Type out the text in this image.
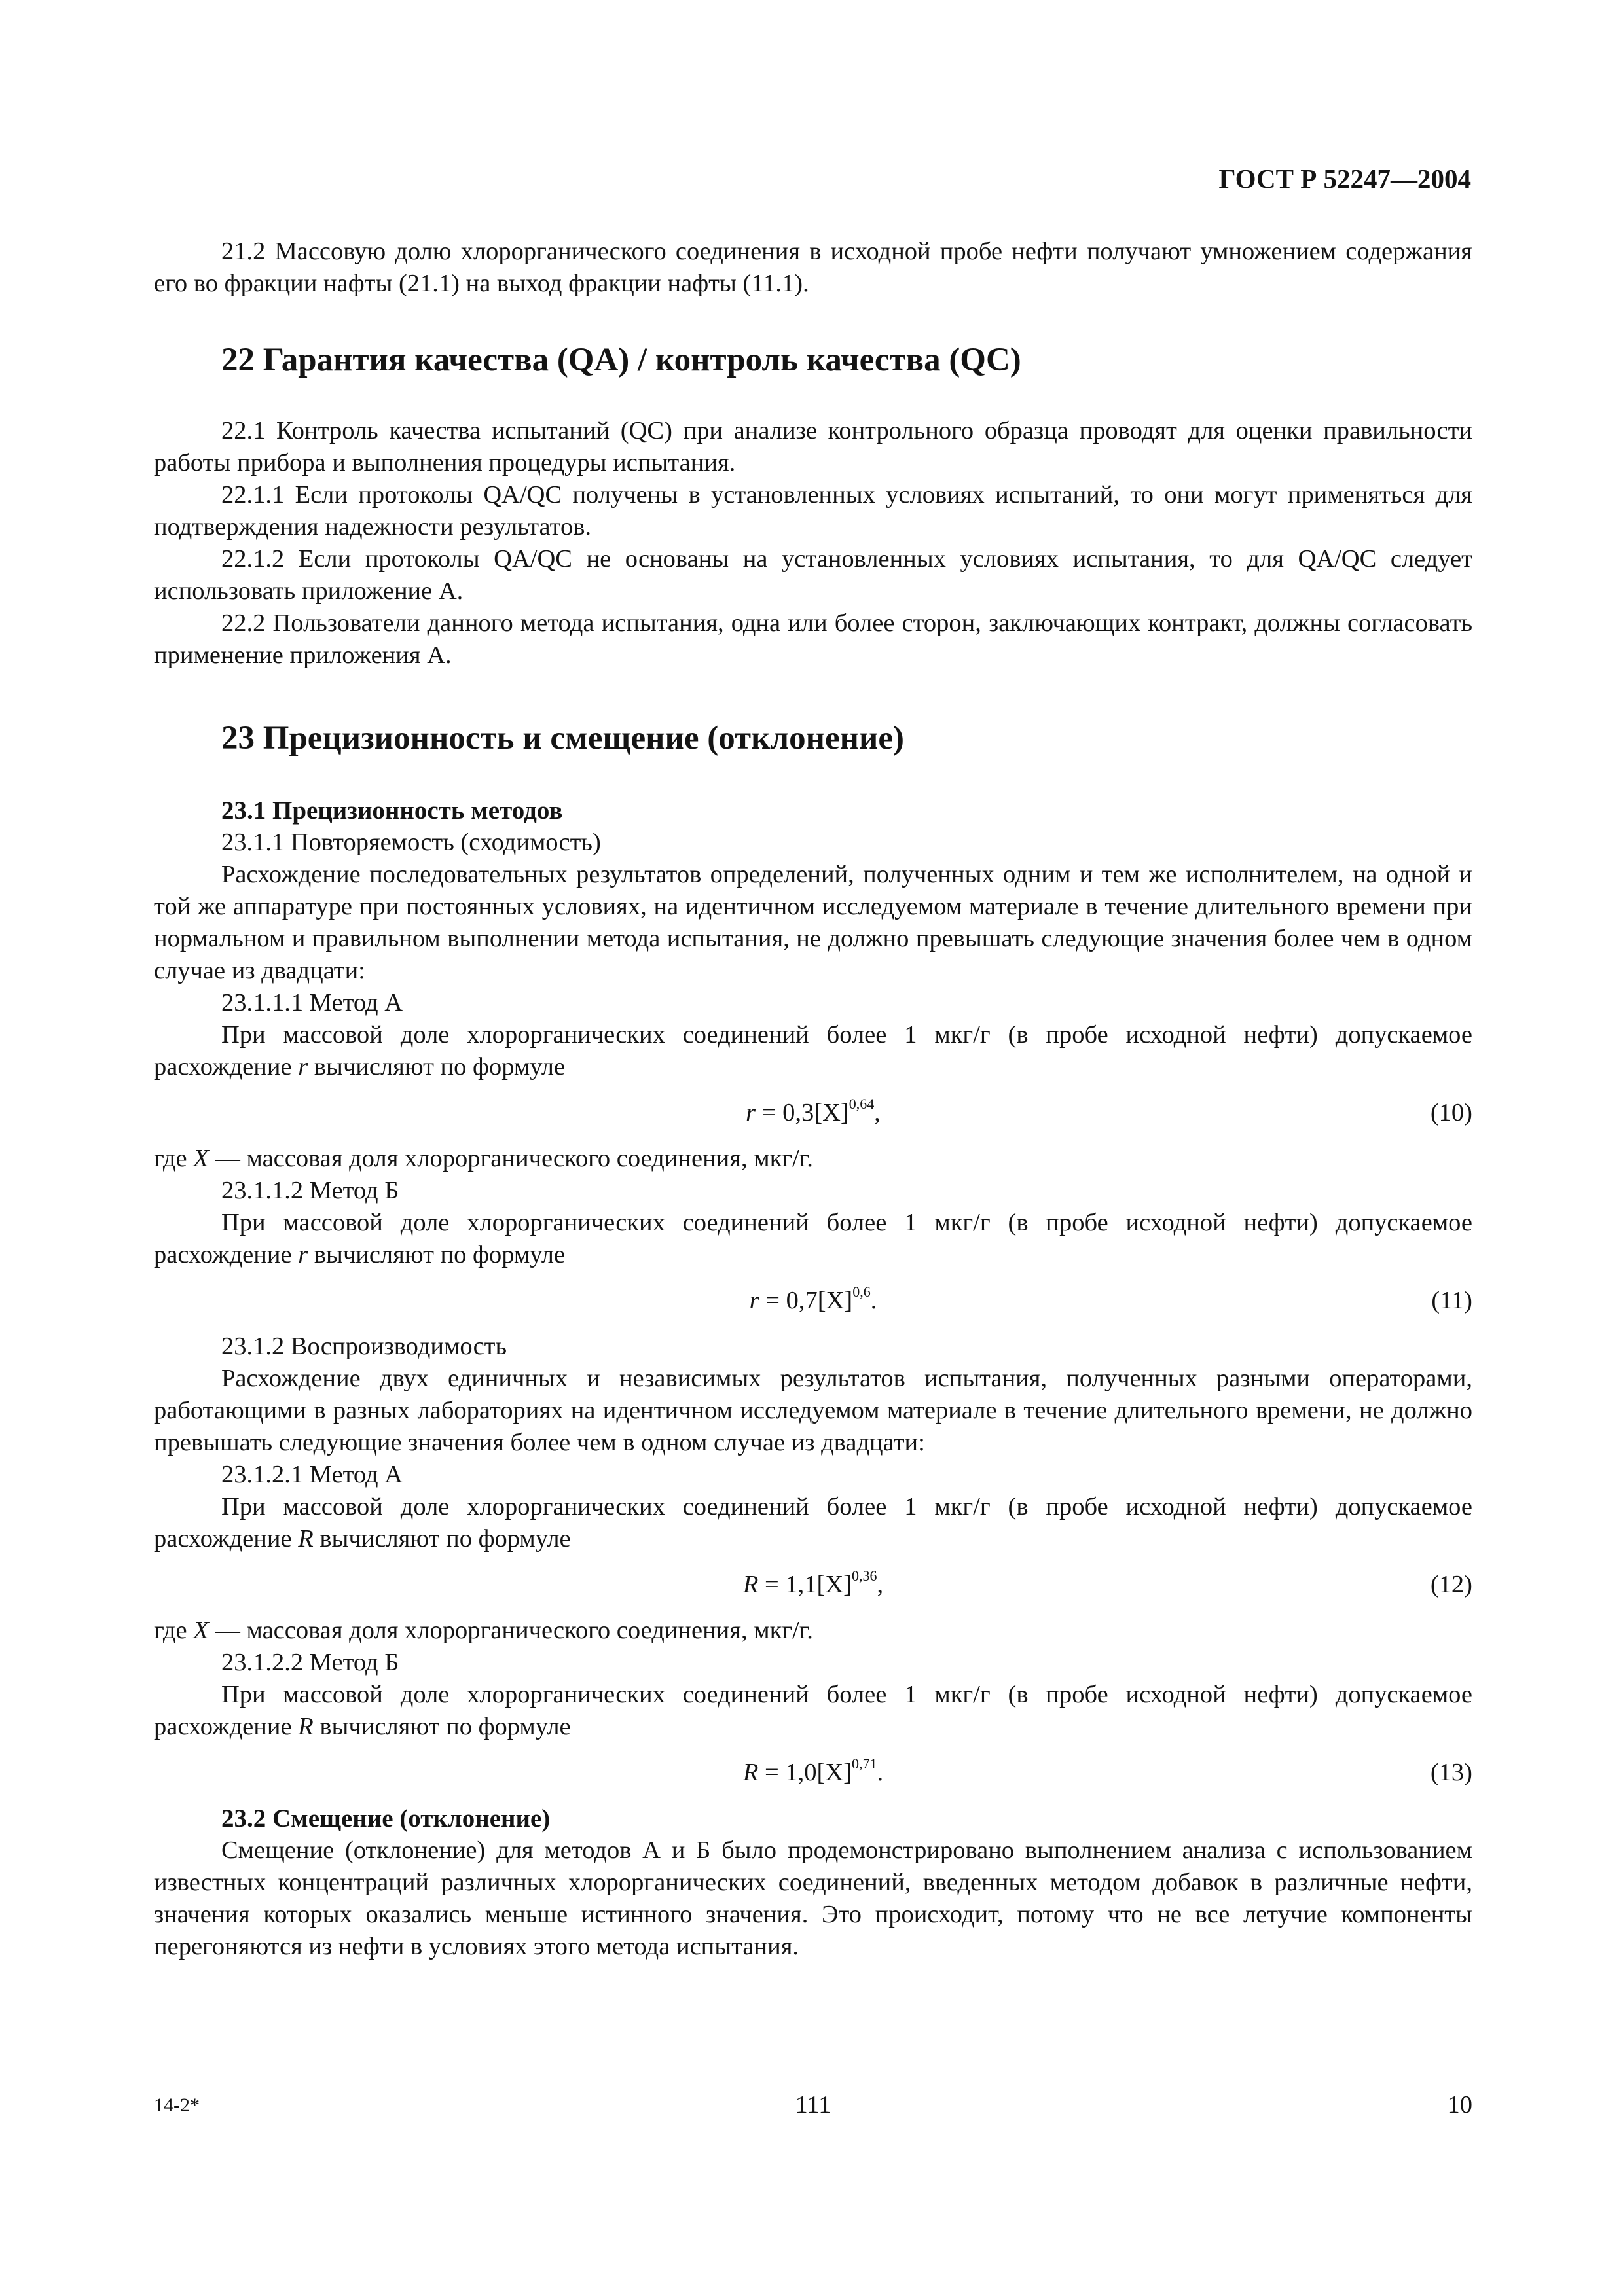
ГОСТ Р 52247—2004

21.2 Массовую долю хлорорганического соединения в исходной пробе нефти получают умножением содержания его во фракции нафты (21.1) на выход фракции нафты (11.1).

22 Гарантия качества (QA) / контроль качества (QC)

22.1 Контроль качества испытаний (QC) при анализе контрольного образца проводят для оценки правильности работы прибора и выполнения процедуры испытания.

22.1.1 Если протоколы QA/QC получены в установленных условиях испытаний, то они могут применяться для подтверждения надежности результатов.

22.1.2 Если протоколы QA/QC не основаны на установленных условиях испытания, то для QA/QC следует использовать приложение А.

22.2 Пользователи данного метода испытания, одна или более сторон, заключающих контракт, должны согласовать применение приложения А.

23 Прецизионность и смещение (отклонение)

23.1 Прецизионность методов

23.1.1 Повторяемость (сходимость)

Расхождение последовательных результатов определений, полученных одним и тем же исполнителем, на одной и той же аппаратуре при постоянных условиях, на идентичном исследуемом материале в течение длительного времени при нормальном и правильном выполнении метода испытания, не должно превышать следующие значения более чем в одном случае из двадцати:

23.1.1.1 Метод А

При массовой доле хлорорганических соединений более 1 мкг/г (в пробе исходной нефти) допускаемое расхождение r вычисляют по формуле

$r = 0,3[X]^{0,64}$,	(10)

где X — массовая доля хлорорганического соединения, мкг/г.

23.1.1.2 Метод Б

При массовой доле хлорорганических соединений более 1 мкг/г (в пробе исходной нефти) допускаемое расхождение r вычисляют по формуле

$r = 0,7[X]^{0,6}$.	(11)

23.1.2 Воспроизводимость

Расхождение двух единичных и независимых результатов испытания, полученных разными операторами, работающими в разных лабораториях на идентичном исследуемом материале в течение длительного времени, не должно превышать следующие значения более чем в одном случае из двадцати:

23.1.2.1 Метод А

При массовой доле хлорорганических соединений более 1 мкг/г (в пробе исходной нефти) допускаемое расхождение R вычисляют по формуле

$R = 1,1[X]^{0,36}$,	(12)

где X — массовая доля хлорорганического соединения, мкг/г.

23.1.2.2 Метод Б

При массовой доле хлорорганических соединений более 1 мкг/г (в пробе исходной нефти) допускаемое расхождение R вычисляют по формуле

$R = 1,0[X]^{0,71}$.	(13)

23.2 Смещение (отклонение)

Смещение (отклонение) для методов А и Б было продемонстрировано выполнением анализа с использованием известных концентраций различных хлорорганических соединений, введенных методом добавок в различные нефти, значения которых оказались меньше истинного значения. Это происходит, потому что не все летучие компоненты перегоняются из нефти в условиях этого метода испытания.

14-2*	111	10
